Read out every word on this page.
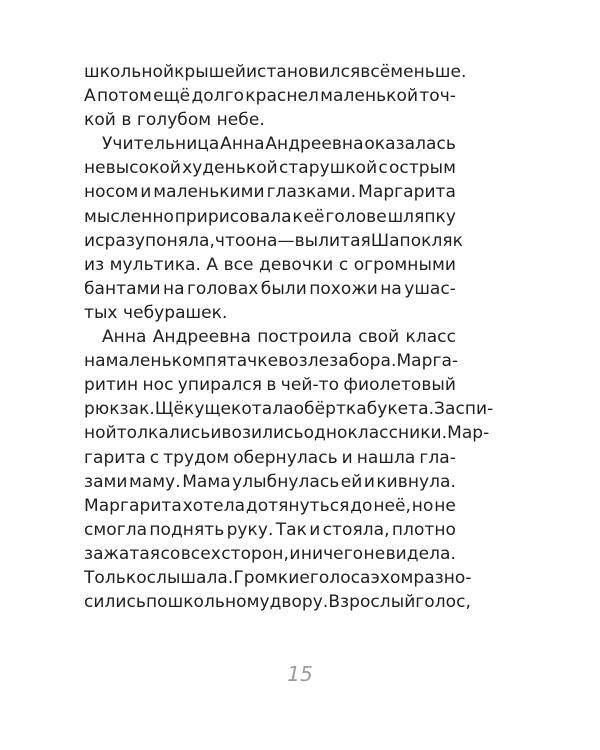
школьной крышей и становился всё меньше.
А потом ещё долго краснел маленькой точ-
кой в голубом небе.
Учительница Анна Андреевна оказалась
невысокой худенькой старушкой с острым
носом и маленькими глазками. Маргарита
мысленно пририсовала к её голове шляпку
и сразу поняла, что она — вылитая Шапокляк
из мультика. А все девочки с огромными
бантами на головах были похожи на ушас-
тых чебурашек.
Анна Андреевна построила свой класс
на маленьком пятачке возле забора. Марга-
ритин нос упирался в чей-то фиолетовый
рюкзак. Щёку щекотала обёртка букета. За спи-
ной толкались и возились одноклассники. Мар-
гарита с трудом обернулась и нашла гла-
зами маму. Мама улыбнулась ей и кивнула.
Маргарита хотела дотянуться до неё, но не
смогла поднять руку. Так и стояла, плотно
зажатая со всех сторон, и ничего не видела.
Только слышала. Громкие голоса эхом разно-
сились по школьному двору. Взрослый голос,
15
